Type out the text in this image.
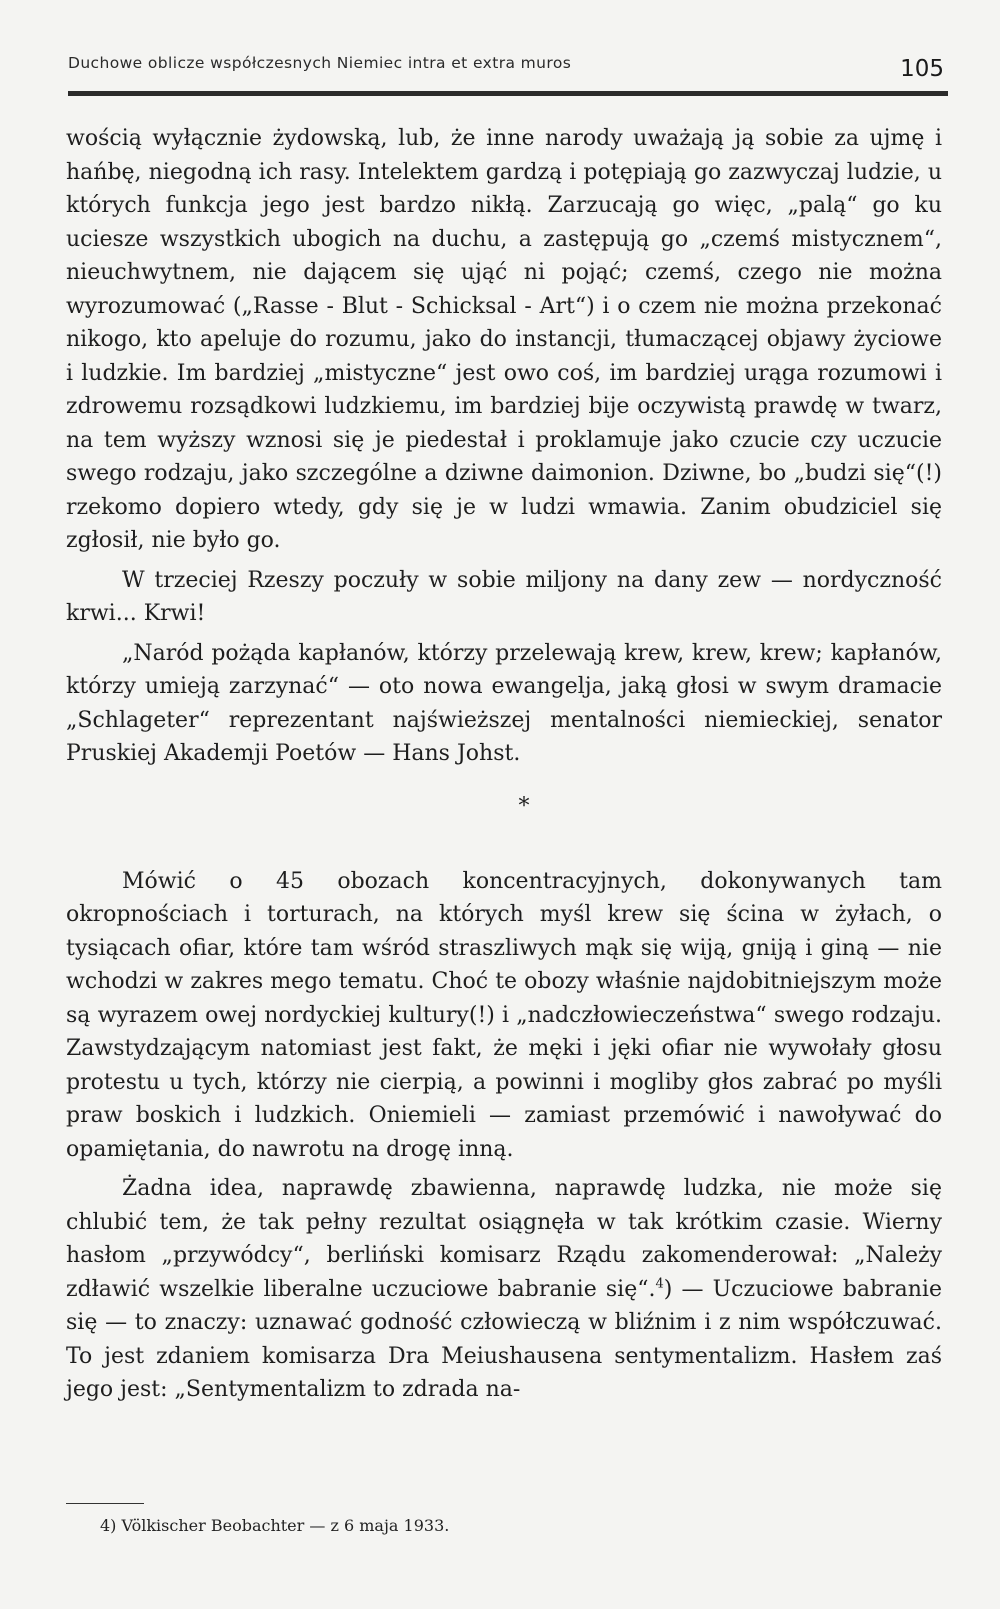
Duchowe oblicze współczesnych Niemiec intra et extra muros	105

wością wyłącznie żydowską, lub, że inne narody uważają ją sobie za ujmę i hańbę, niegodną ich rasy. Intelektem gardzą i potępiają go zazwyczaj ludzie, u których funkcja jego jest bardzo nikłą. Zarzucają go więc, „palą“ go ku uciesze wszystkich ubogich na duchu, a zastępują go „czemś mistycznem“, nieuchwytnem, nie dającem się ująć ni pojąć; czemś, czego nie można wyrozumować („Rasse - Blut - Schicksal - Art“) i o czem nie można przekonać nikogo, kto apeluje do rozumu, jako do instancji, tłumaczącej objawy życiowe i ludzkie. Im bardziej „mistyczne“ jest owo coś, im bardziej urąga rozumowi i zdrowemu rozsądkowi ludzkiemu, im bardziej bije oczywistą prawdę w twarz, na tem wyższy wznosi się je piedestał i proklamuje jako czucie czy uczucie swego rodzaju, jako szczególne a dziwne daimonion. Dziwne, bo „budzi się“(!) rzekomo dopiero wtedy, gdy się je w ludzi wmawia. Zanim obudziciel się zgłosił, nie było go.

W trzeciej Rzeszy poczuły w sobie miljony na dany zew — nordyczność krwi... Krwi!

„Naród pożąda kapłanów, którzy przelewają krew, krew, krew; kapłanów, którzy umieją zarzynać“ — oto nowa ewangelja, jaką głosi w swym dramacie „Schlageter“ reprezentant najświeższej mentalności niemieckiej, senator Pruskiej Akademji Poetów — Hans Johst.

*

Mówić o 45 obozach koncentracyjnych, dokonywanych tam okropnościach i torturach, na których myśl krew się ścina w żyłach, o tysiącach ofiar, które tam wśród straszliwych mąk się wiją, gniją i giną — nie wchodzi w zakres mego tematu. Choć te obozy właśnie najdobitniejszym może są wyrazem owej nordyckiej kultury(!) i „nadczłowieczeństwa“ swego rodzaju. Zawstydzającym natomiast jest fakt, że męki i jęki ofiar nie wywołały głosu protestu u tych, którzy nie cierpią, a powinni i mogliby głos zabrać po myśli praw boskich i ludzkich. Oniemieli — zamiast przemówić i nawoływać do opamiętania, do nawrotu na drogę inną.

Żadna idea, naprawdę zbawienna, naprawdę ludzka, nie może się chlubić tem, że tak pełny rezultat osiągnęła w tak krótkim czasie. Wierny hasłom „przywódcy“, berliński komisarz Rządu zakomenderował: „Należy zdławić wszelkie liberalne uczuciowe babranie się“.$^4$) — Uczuciowe babranie się — to znaczy: uznawać godność człowieczą w bliźnim i z nim współczuwać. To jest zdaniem komisarza Dra Meiushausena sentymentalizm. Hasłem zaś jego jest: „Sentymentalizm to zdrada na-

4) Völkischer Beobachter — z 6 maja 1933.
